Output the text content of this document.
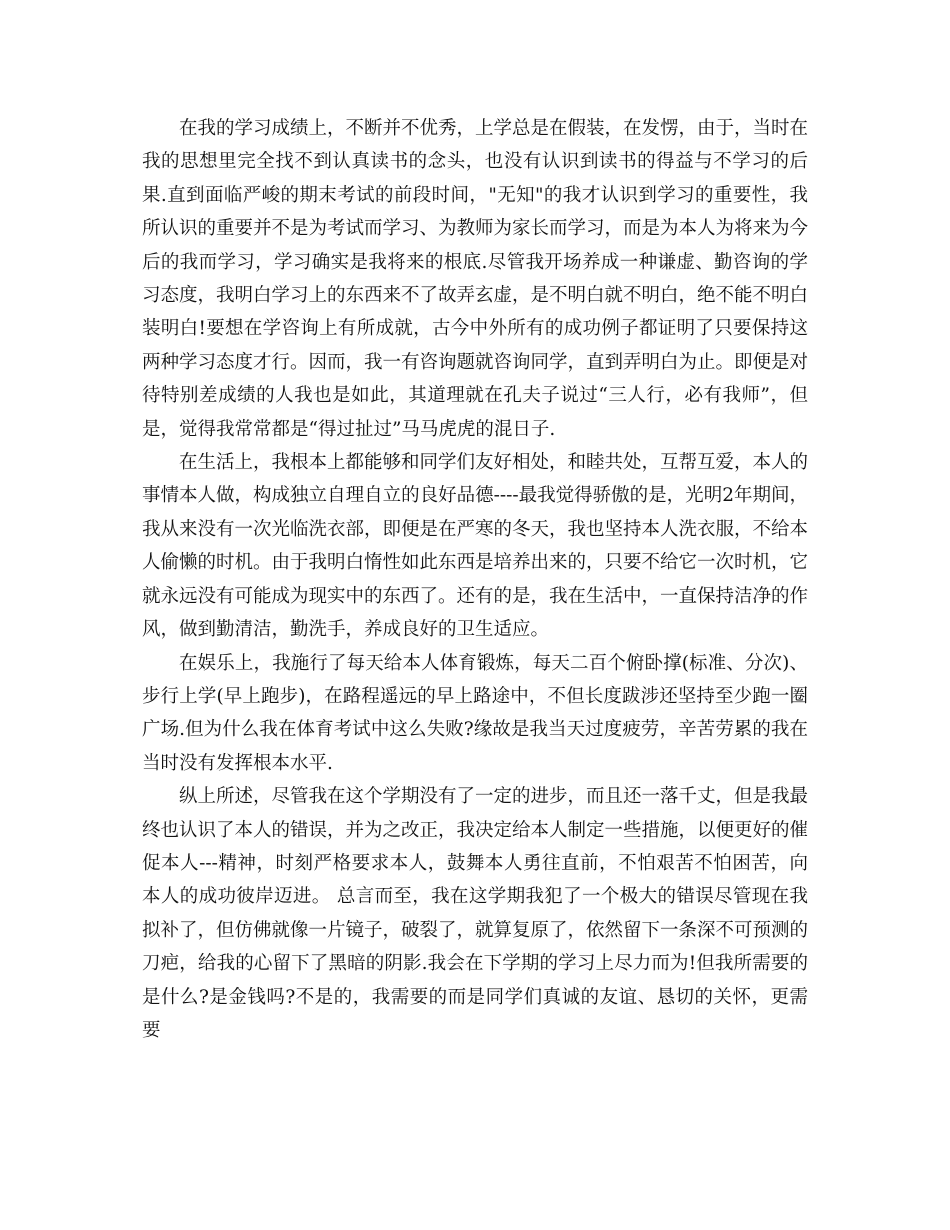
在我的学习成绩上，不断并不优秀，上学总是在假装，在发愣，由于，当时在我的思想里完全找不到认真读书的念头，也没有认识到读书的得益与不学习的后果.直到面临严峻的期末考试的前段时间，"无知"的我才认识到学习的重要性，我所认识的重要并不是为考试而学习、为教师为家长而学习，而是为本人为将来为今后的我而学习，学习确实是我将来的根底.尽管我开场养成一种谦虚、勤咨询的学习态度，我明白学习上的东西来不了故弄玄虚，是不明白就不明白，绝不能不明白装明白!要想在学咨询上有所成就，古今中外所有的成功例子都证明了只要保持这两种学习态度才行。因而，我一有咨询题就咨询同学，直到弄明白为止。即便是对待特别差成绩的人我也是如此，其道理就在孔夫子说过“三人行，必有我师”，但是，觉得我常常都是“得过扯过”马马虎虎的混日子.

在生活上，我根本上都能够和同学们友好相处，和睦共处，互帮互爱，本人的事情本人做，构成独立自理自立的良好品德----最我觉得骄傲的是，光明2年期间，我从来没有一次光临洗衣部，即便是在严寒的冬天，我也坚持本人洗衣服，不给本人偷懒的时机。由于我明白惰性如此东西是培养出来的，只要不给它一次时机，它就永远没有可能成为现实中的东西了。还有的是，我在生活中，一直保持洁净的作风，做到勤清洁，勤洗手，养成良好的卫生适应。

在娱乐上，我施行了每天给本人体育锻炼，每天二百个俯卧撑(标准、分次)、步行上学(早上跑步)，在路程遥远的早上路途中，不但长度跋涉还坚持至少跑一圈广场.但为什么我在体育考试中这么失败?缘故是我当天过度疲劳，辛苦劳累的我在当时没有发挥根本水平.

纵上所述，尽管我在这个学期没有了一定的进步，而且还一落千丈，但是我最终也认识了本人的错误，并为之改正，我决定给本人制定一些措施，以便更好的催促本人---精神，时刻严格要求本人，鼓舞本人勇往直前，不怕艰苦不怕困苦，向本人的成功彼岸迈进。 总言而至，我在这学期我犯了一个极大的错误尽管现在我拟补了，但仿佛就像一片镜子，破裂了，就算复原了，依然留下一条深不可预测的刀疤，给我的心留下了黑暗的阴影.我会在下学期的学习上尽力而为!但我所需要的是什么?是金钱吗?不是的，我需要的而是同学们真诚的友谊、恳切的关怀，更需要
